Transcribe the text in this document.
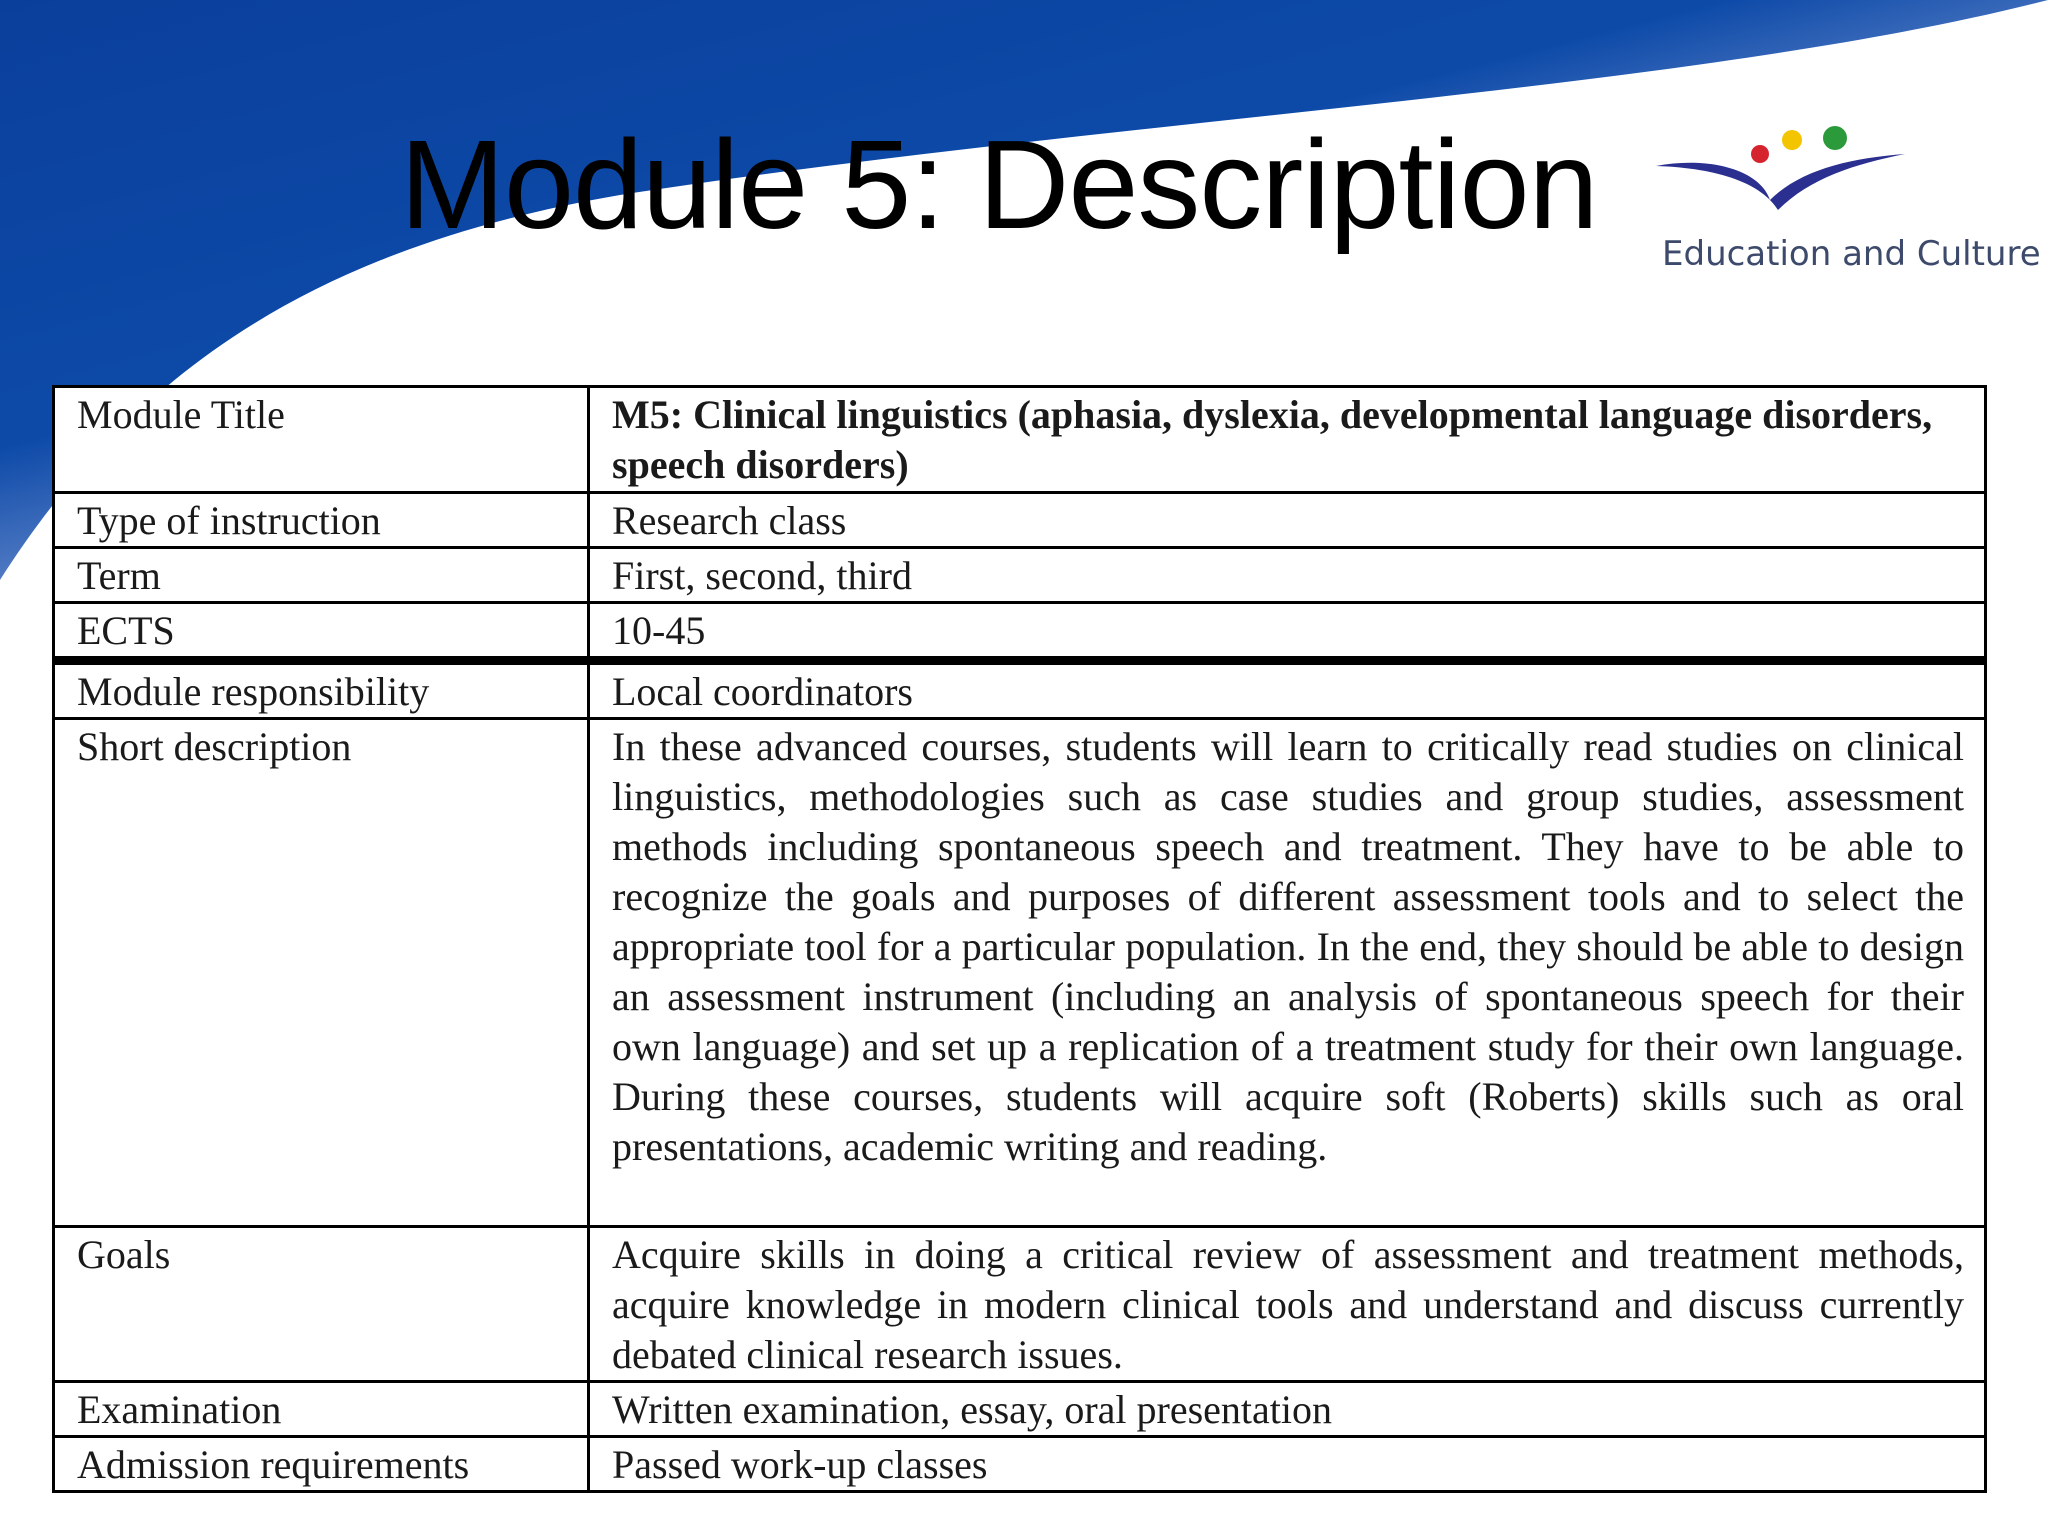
Module 5: Description Education and Culture
Module Title	M5: Clinical linguistics (aphasia, dyslexia, developmental language disorders, speech disorders)
Type of instruction	Research class
Term	First, second, third
ECTS	10-45
Module responsibility	Local coordinators
Short description	In these advanced courses, students will learn to critically read studies on clinical linguistics, methodologies such as case studies and group studies, assessment methods including spontaneous speech and treatment. They have to be able to recognize the goals and purposes of different assessment tools and to select the appropriate tool for a particular population. In the end, they should be able to design an assessment instrument (including an analysis of spontaneous speech for their own language) and set up a replication of a treatment study for their own language. During these courses, students will acquire soft (Roberts) skills such as oral presentations, academic writing and reading.
Goals	Acquire skills in doing a critical review of assessment and treatment methods, acquire knowledge in modern clinical tools and understand and discuss currently debated clinical research issues.
Examination	Written examination, essay, oral presentation
Admission requirements	Passed work-up classes
